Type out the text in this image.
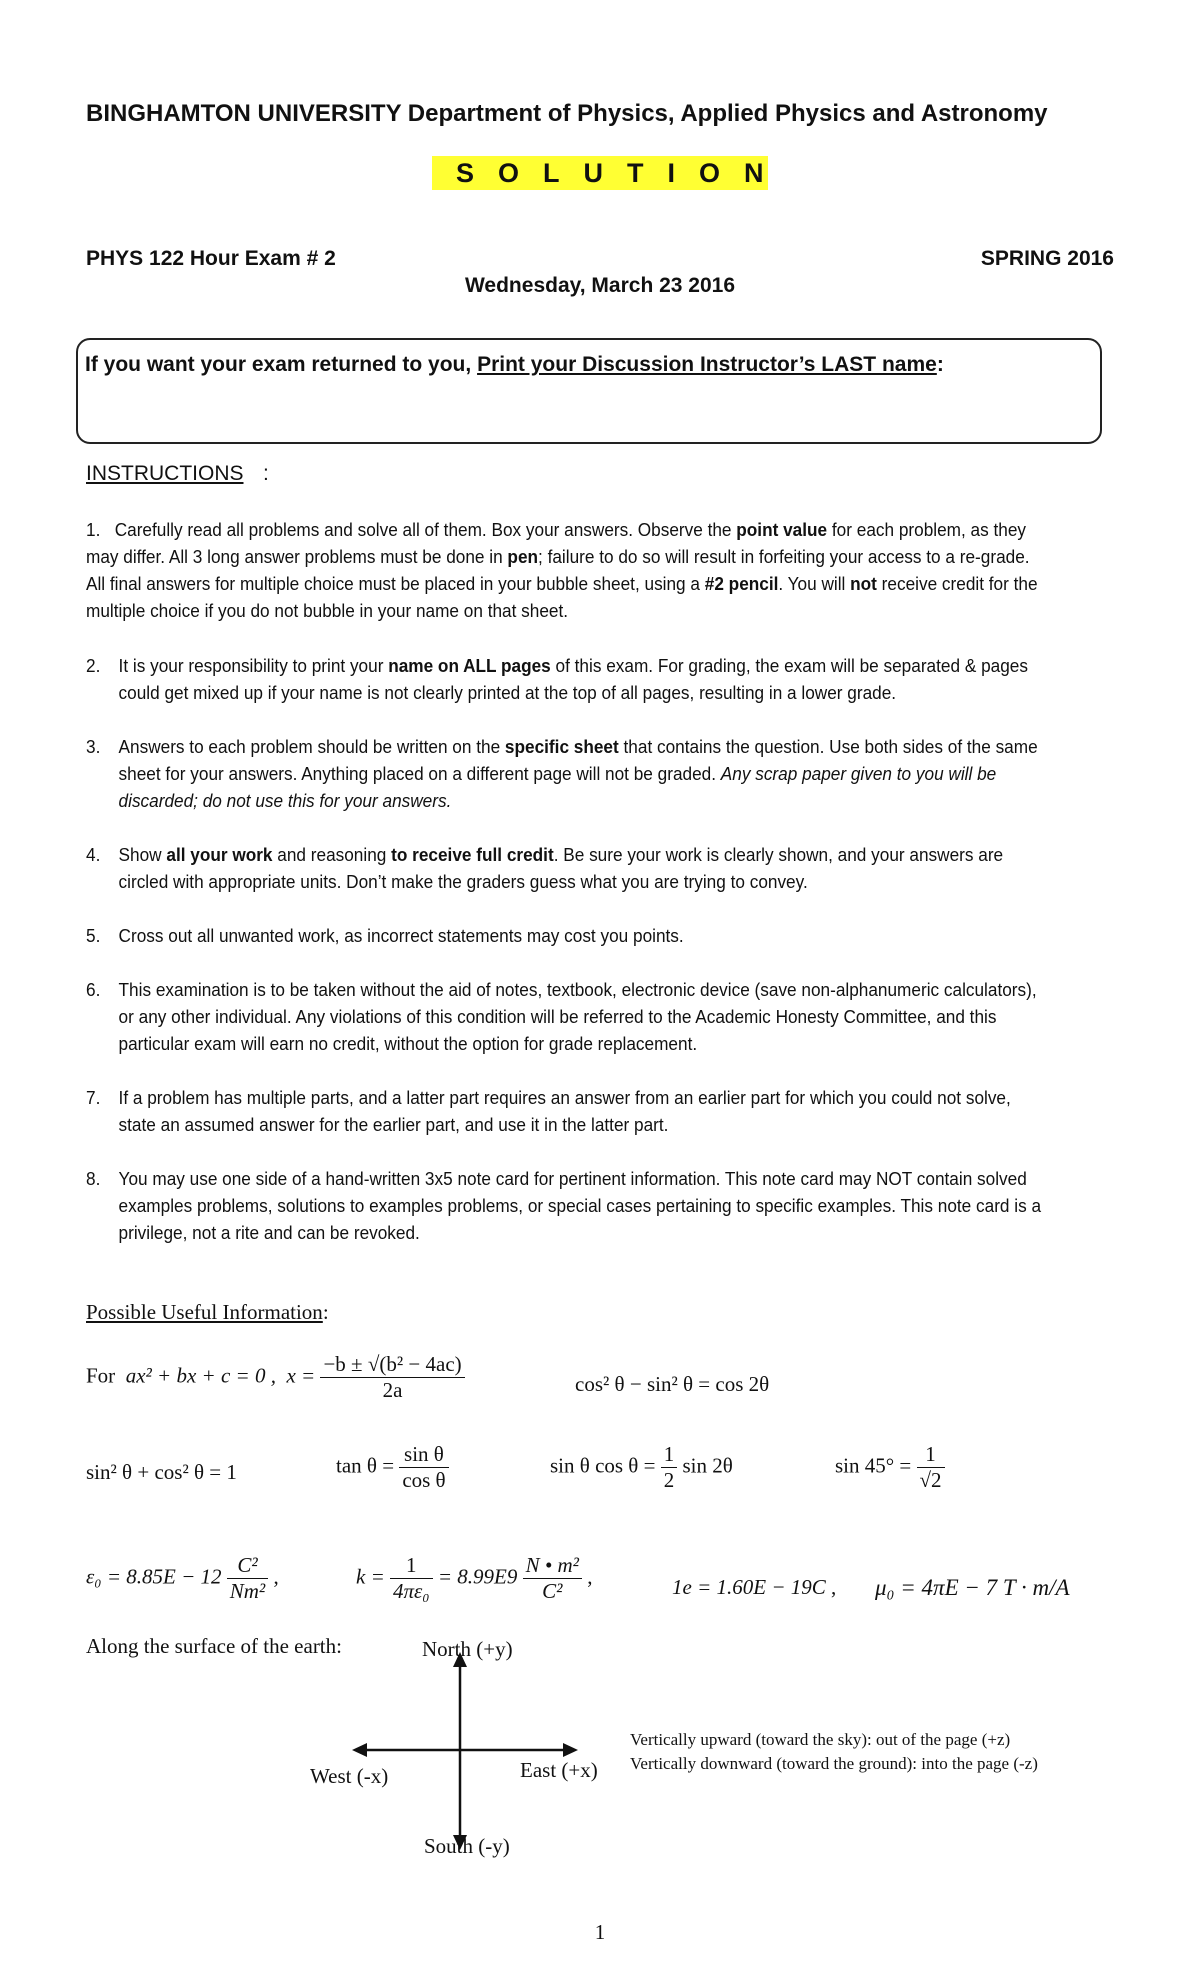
BINGHAMTON UNIVERSITY Department of Physics, Applied Physics and Astronomy
SOLUTION
PHYS 122 Hour Exam # 2	SPRING 2016
Wednesday, March 23 2016
If you want your exam returned to you, Print your Discussion Instructor’s LAST name:
INSTRUCTIONS :
1. Carefully read all problems and solve all of them. Box your answers. Observe the point value for each problem, as they may differ. All 3 long answer problems must be done in pen; failure to do so will result in forfeiting your access to a re-grade. All final answers for multiple choice must be placed in your bubble sheet, using a #2 pencil. You will not receive credit for the multiple choice if you do not bubble in your name on that sheet.
2. It is your responsibility to print your name on ALL pages of this exam. For grading, the exam will be separated & pages could get mixed up if your name is not clearly printed at the top of all pages, resulting in a lower grade.
3. Answers to each problem should be written on the specific sheet that contains the question. Use both sides of the same sheet for your answers. Anything placed on a different page will not be graded. Any scrap paper given to you will be discarded; do not use this for your answers.
4. Show all your work and reasoning to receive full credit. Be sure your work is clearly shown, and your answers are circled with appropriate units. Don’t make the graders guess what you are trying to convey.
5. Cross out all unwanted work, as incorrect statements may cost you points.
6. This examination is to be taken without the aid of notes, textbook, electronic device (save non-alphanumeric calculators), or any other individual. Any violations of this condition will be referred to the Academic Honesty Committee, and this particular exam will earn no credit, without the option for grade replacement.
7. If a problem has multiple parts, and a latter part requires an answer from an earlier part for which you could not solve, state an assumed answer for the earlier part, and use it in the latter part.
8. You may use one side of a hand-written 3x5 note card for pertinent information. This note card may NOT contain solved examples problems, solutions to examples problems, or special cases pertaining to specific examples. This note card is a privilege, not a rite and can be revoked.
Possible Useful Information:
For ax² + bx + c = 0 , $x = \frac{\text{−b ± √(b² − 4ac)}}{2a}$	cos² θ − sin² θ = cos 2θ
sin² θ + cos² θ = 1	$\tan \theta = \frac{\text{sin θ}}{\text{cos θ}}$	sin θ $\cos \theta = \frac{1}{2}$ sin 2θ	$\sin 45^\circ = \frac{1}{√2}$
$\varepsilon_0 = 8.85E - 12 \frac{\text{C²}}{\text{Nm²}}$ ,	$k = \frac{1}{\text{4πε₀}} = 8.99E9 \frac{\text{N • m²}}{\text{C²}}$ ,	1e = 1.60E − 19C , μ₀ = 4πE − 7 T · m/A
Along the surface of the earth:	North (+y)
South (-y)
East (+x)
West (-x)
Vertically upward (toward the sky): out of the page (+z)
Vertically downward (toward the ground): into the page (-z)
1
